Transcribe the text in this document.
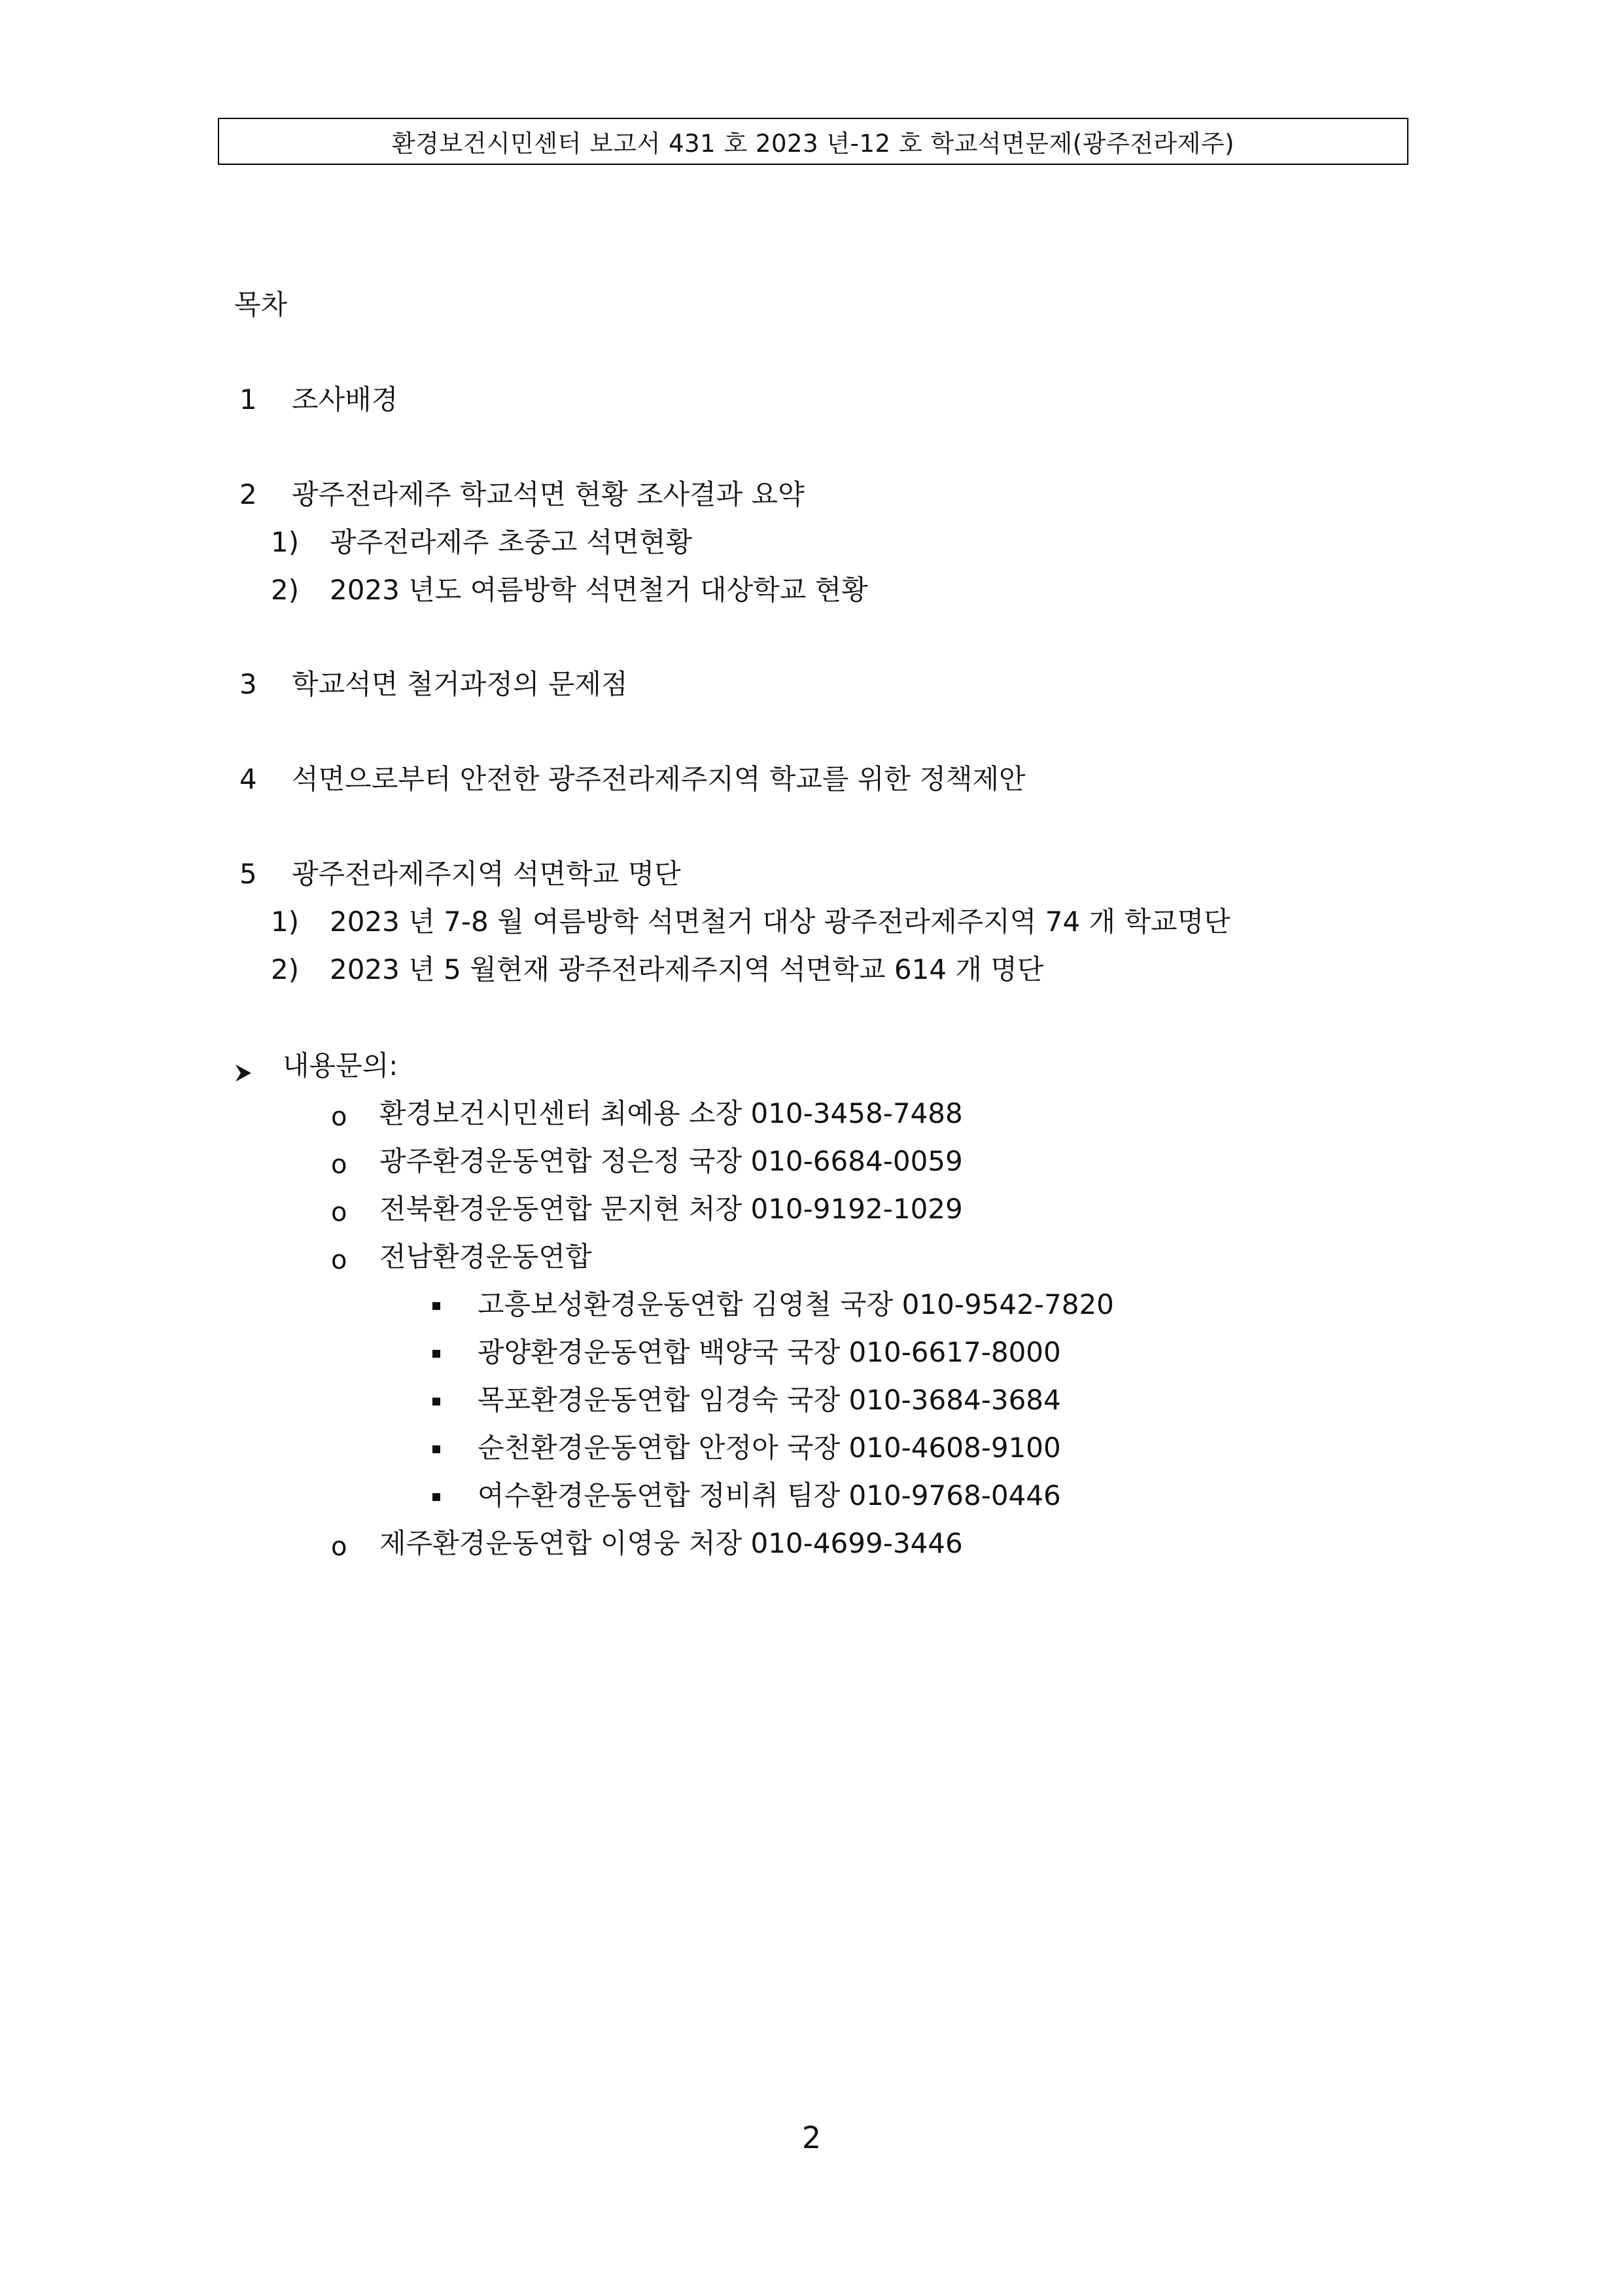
환경보건시민센터 보고서 431 호 2023 년-12 호 학교석면문제(광주전라제주)
목차
1 조사배경
2 광주전라제주 학교석면 현황 조사결과 요약
1) 광주전라제주 초중고 석면현황
2) 2023 년도 여름방학 석면철거 대상학교 현황
3 학교석면 철거과정의 문제점
4 석면으로부터 안전한 광주전라제주지역 학교를 위한 정책제안
5 광주전라제주지역 석면학교 명단
1) 2023 년 7-8 월 여름방학 석면철거 대상 광주전라제주지역 74 개 학교명단
2) 2023 년 5 월현재 광주전라제주지역 석면학교 614 개 명단
내용문의:
o 환경보건시민센터 최예용 소장 010-3458-7488
o 광주환경운동연합 정은정 국장 010-6684-0059
o 전북환경운동연합 문지현 처장 010-9192-1029
o 전남환경운동연합
고흥보성환경운동연합 김영철 국장 010-9542-7820
광양환경운동연합 백양국 국장 010-6617-8000
목포환경운동연합 임경숙 국장 010-3684-3684
순천환경운동연합 안정아 국장 010-4608-9100
여수환경운동연합 정비취 팀장 010-9768-0446
o 제주환경운동연합 이영웅 처장 010-4699-3446
2
